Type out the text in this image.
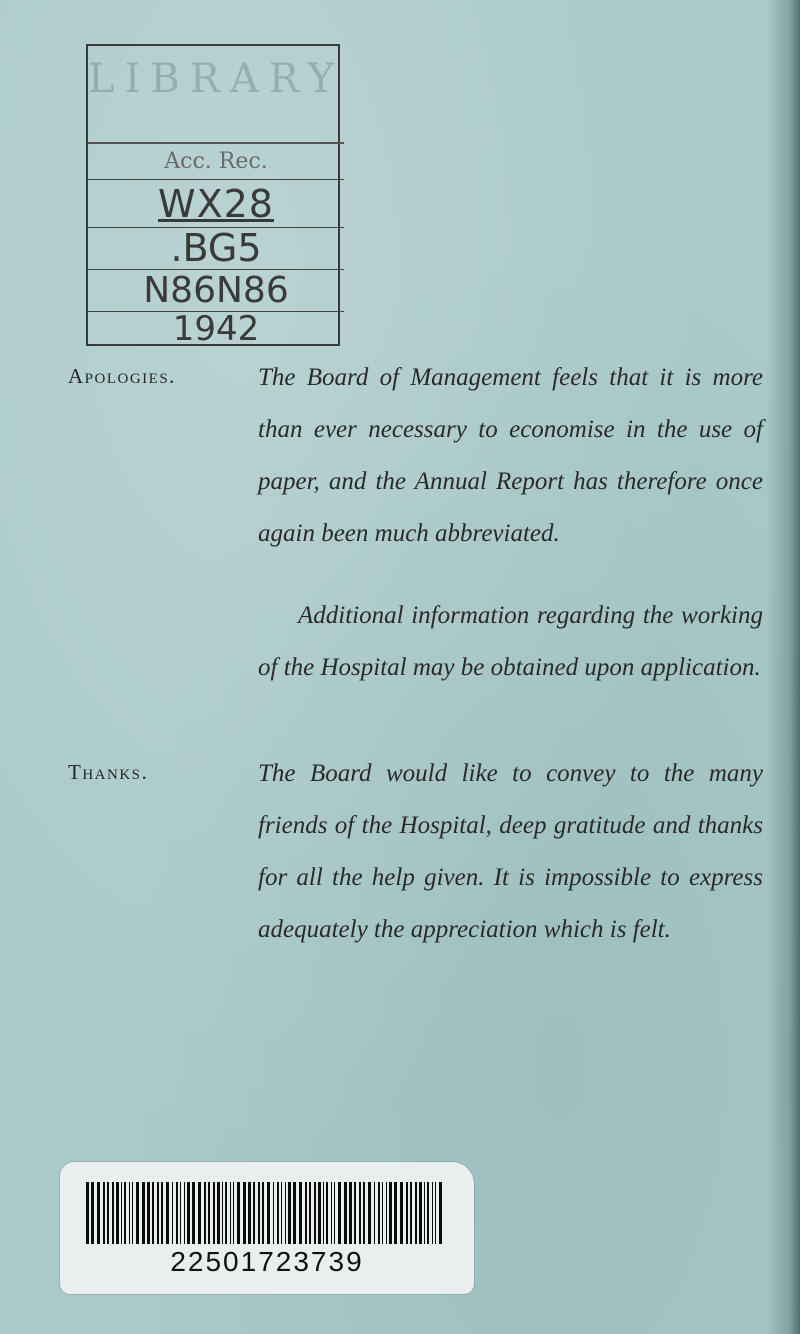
LIBRARY
Acc. Rec.
WX28
.BG5
N86N86
1942
Apologies.	The Board of Management feels that it is more than ever necessary to economise in the use of paper, and the Annual Report has therefore once again been much abbreviated.
Additional information regarding the working of the Hospital may be obtained upon application.
Thanks.	The Board would like to convey to the many friends of the Hospital, deep gratitude and thanks for all the help given. It is impossible to express adequately the appreciation which is felt.
22501723739
